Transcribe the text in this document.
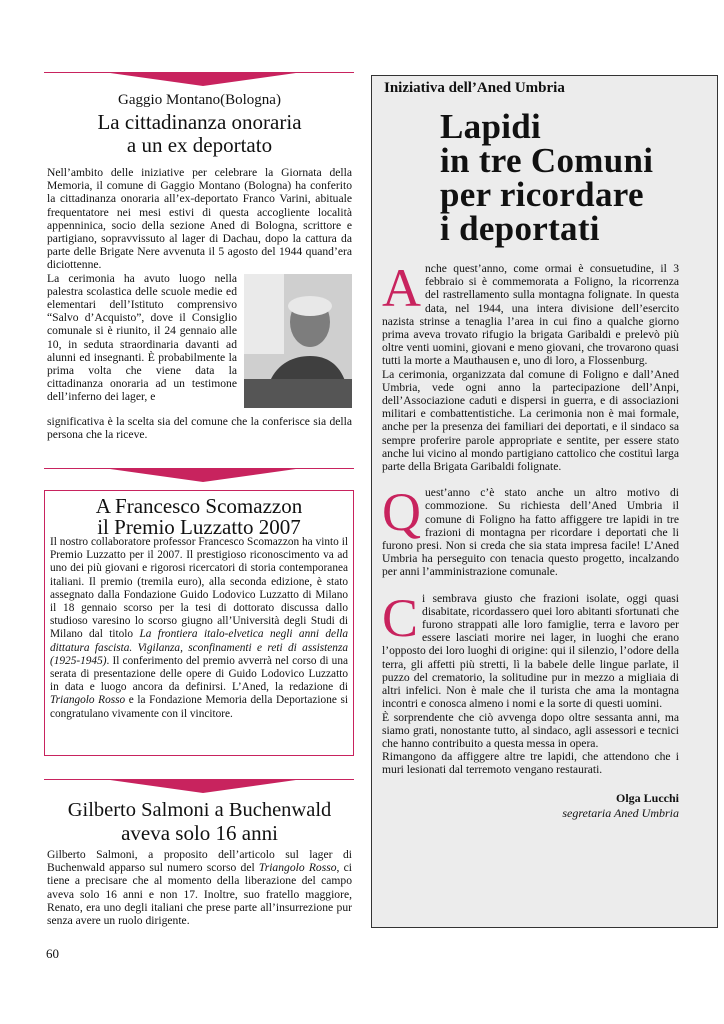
Gaggio Montano(Bologna)
La cittadinanza onoraria
a un ex deportato

Nell’ambito delle iniziative per celebrare la Giornata della Memoria, il comune di Gaggio Montano (Bologna) ha conferito la cittadinanza onoraria all’ex-deportato Franco Varini, abituale frequentatore nei mesi estivi di questa accogliente località appenninica, socio della sezione Aned di Bologna, scrittore e partigiano, sopravvissuto al lager di Dachau, dopo la cattura da parte delle Brigate Nere avvenuta il 5 agosto del 1944 quand’era diciottenne.

La cerimonia ha avuto luogo nella palestra scolastica delle scuole medie ed elementari dell’Istituto comprensivo “Salvo d’Acquisto”, dove il Consiglio comunale si è riunito, il 24 gennaio alle 10, in seduta straordinaria davanti ad alunni ed insegnanti. È probabilmente la prima volta che viene data la cittadinanza onoraria ad un testimone dell’inferno dei lager, e

significativa è la scelta sia del comune che la conferisce sia della persona che la riceve.

A Francesco Scomazzon
il Premio Luzzatto 2007

Il nostro collaboratore professor Francesco Scomazzon ha vinto il Premio Luzzatto per il 2007. Il prestigioso riconoscimento va ad uno dei più giovani e rigorosi ricercatori di storia contemporanea italiani. Il premio (tremila euro), alla seconda edizione, è stato assegnato dalla Fondazione Guido Lodovico Luzzatto di Milano il 18 gennaio scorso per la tesi di dottorato discussa dallo studioso varesino lo scorso giugno all’Università degli Studi di Milano dal titolo La frontiera italo-elvetica negli anni della dittatura fascista. Vigilanza, sconfinamenti e reti di assistenza (1925-1945). Il conferimento del premio avverrà nel corso di una serata di presentazione delle opere di Guido Lodovico Luzzatto in data e luogo ancora da definirsi. L’Aned, la redazione di Triangolo Rosso e la Fondazione Memoria della Deportazione si congratulano vivamente con il vincitore.

Gilberto Salmoni a Buchenwald
aveva solo 16 anni

Gilberto Salmoni, a proposito dell’articolo sul lager di Buchenwald apparso sul numero scorso del Triangolo Rosso, ci tiene a precisare che al momento della liberazione del campo aveva solo 16 anni e non 17. Inoltre, suo fratello maggiore, Renato, era uno degli italiani che prese parte all’insurrezione pur senza avere un ruolo dirigente.

60
Iniziativa dell’Aned Umbria
Lapidi
in tre Comuni
per ricordare
i deportati

Anche quest’anno, come ormai è consuetudine, il 3 febbraio si è commemorata a Foligno, la ricorrenza del rastrellamento sulla montagna folignate. In questa data, nel 1944, una intera divisione dell’esercito nazista strinse a tenaglia l’area in cui fino a qualche giorno prima aveva trovato rifugio la brigata Garibaldi e prelevò più oltre venti uomini, giovani e meno giovani, che trovarono quasi tutti la morte a Mauthausen e, uno di loro, a Flossenburg.

La cerimonia, organizzata dal comune di Foligno e dall’Aned Umbria, vede ogni anno la partecipazione dell’Anpi, dell’Associazione caduti e dispersi in guerra, e di associazioni militari e combattentistiche. La cerimonia non è mai formale, anche per la presenza dei familiari dei deportati, e il sindaco sa sempre proferire parole appropriate e sentite, per essere stato anche lui vicino al mondo partigiano cattolico che costituì larga parte della Brigata Garibaldi folignate.

Quest’anno c’è stato anche un altro motivo di commozione. Su richiesta dell’Aned Umbria il comune di Foligno ha fatto affiggere tre lapidi in tre frazioni di montagna per ricordare i deportati che li furono presi. Non si creda che sia stata impresa facile! L’Aned Umbria ha perseguito con tenacia questo progetto, incalzando per anni l’amministrazione comunale.

Ci sembrava giusto che frazioni isolate, oggi quasi disabitate, ricordassero quei loro abitanti sfortunati che furono strappati alle loro famiglie, terra e lavoro per essere lasciati morire nei lager, in luoghi che erano l’opposto dei loro luoghi di origine: qui il silenzio, l’odore della terra, gli affetti più stretti, lì la babele delle lingue parlate, il puzzo del crematorio, la solitudine pur in mezzo a migliaia di altri infelici. Non è male che il turista che ama la montagna incontri e conosca almeno i nomi e la sorte di questi uomini.

È sorprendente che ciò avvenga dopo oltre sessanta anni, ma siamo grati, nonostante tutto, al sindaco, agli assessori e tecnici che hanno contribuito a questa messa in opera.

Rimangono da affiggere altre tre lapidi, che attendono che i muri lesionati dal terremoto vengano restaurati.

Olga Lucchi
segretaria Aned Umbria
